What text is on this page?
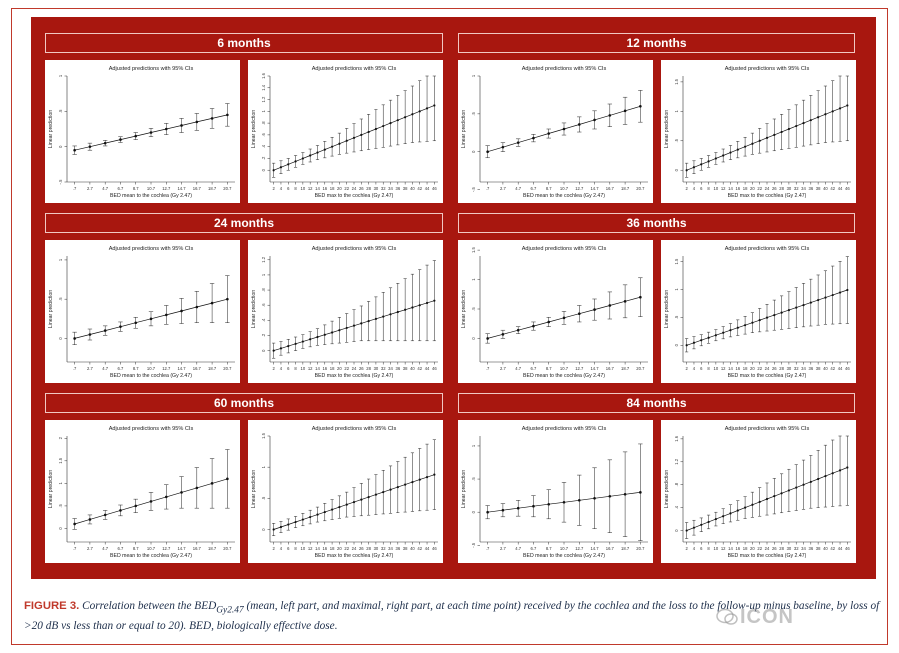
6 months	12 months
24 months	36 months
60 months	84 months
Adjusted predictions with 95% CIs
-.5
0
.5
1
.7	2.7 4.7 6.7 8.7 10.7 12.7 14.7 16.7 18.7 20.7
BED mean to the cochlea (Gy 2.47)
Linear prediction
Adjusted predictions with 95% CIs
0
.2
.4
.6
.8
1
1.2
1.4
1.6
2 4 6 8 10 12 14 16 18 20 22 24 26 28 30 32 34 36 38 40 42 44 46
BED max to the cochlea (Gy 2.47)
Linear prediction
Adjusted predictions with 95% CIs
-.5
0
.5
1
.7	2.7 4.7 6.7 8.7 10.7 12.7 14.7 16.7 18.7 20.7
BED mean to the cochlea (Gy 2.47)
Linear prediction
Adjusted predictions with 95% CIs
0
.5
1
1.5
2 4 6 8 10 12 14 16 18 20 22 24 26 28 30 32 34 36 38 40 42 44 46
BED max to the cochlea (Gy 2.47)
Linear prediction
Adjusted predictions with 95% CIs
0
.5
1
.7	2.7 4.7 6.7 8.7 10.7 12.7 14.7 16.7 18.7 20.7
BED mean to the cochlea (Gy 2.47)
Linear prediction
Adjusted predictions with 95% CIs
0
.2
.4
.6
.8
1
1.2
2 4 6 8 10 12 14 16 18 20 22 24 26 28 30 32 34 36 38 40 42 44 46
BED max to the cochlea (Gy 2.47)
Linear prediction
Adjusted predictions with 95% CIs
0
.5
1
1.5
.7	2.7 4.7 6.7 8.7 10.7 12.7 14.7 16.7 18.7 20.7
BED mean to the cochlea (Gy 2.47)
Linear prediction
Adjusted predictions with 95% CIs
0
.5
1
1.5
2 4 6 8 10 12 14 16 18 20 22 24 26 28 30 32 34 36 38 40 42 44 46
BED max to the cochlea (Gy 2.47)
Linear prediction
Adjusted predictions with 95% CIs
0
.5
1
1.5
2
.7	2.7 4.7 6.7 8.7 10.7 12.7 14.7 16.7 18.7 20.7
BED mean to the cochlea (Gy 2.47)
Linear prediction
Adjusted predictions with 95% CIs
0
.5
1
1.5
2 4 6 8 10 12 14 16 18 20 22 24 26 28 30 32 34 36 38 40 42 44 46
BED max to the cochlea (Gy 2.47)
Linear prediction
Adjusted predictions with 95% CIs
-.5
0
.5
1
.7	2.7 4.7 6.7 8.7 10.7 12.7 14.7 16.7 18.7 20.7
BED mean to the cochlea (Gy 2.47)
Linear prediction
Adjusted predictions with 95% CIs
0
.4
.8
1.2
1.6
2 4 6 8 10 12 14 16 18 20 22 24 26 28 30 32 34 36 38 40 42 44 46
BED max to the cochlea (Gy 2.47)
Linear prediction
FIGURE 3. Correlation between the $BED_{Gy2.47}$ (mean, left part, and maximal, right part, at each time point) received by the cochlea and the loss to the follow-up minus baseline, by loss of >20 dB vs less than or equal to 20). BED, biologically effective dose.	ICON
